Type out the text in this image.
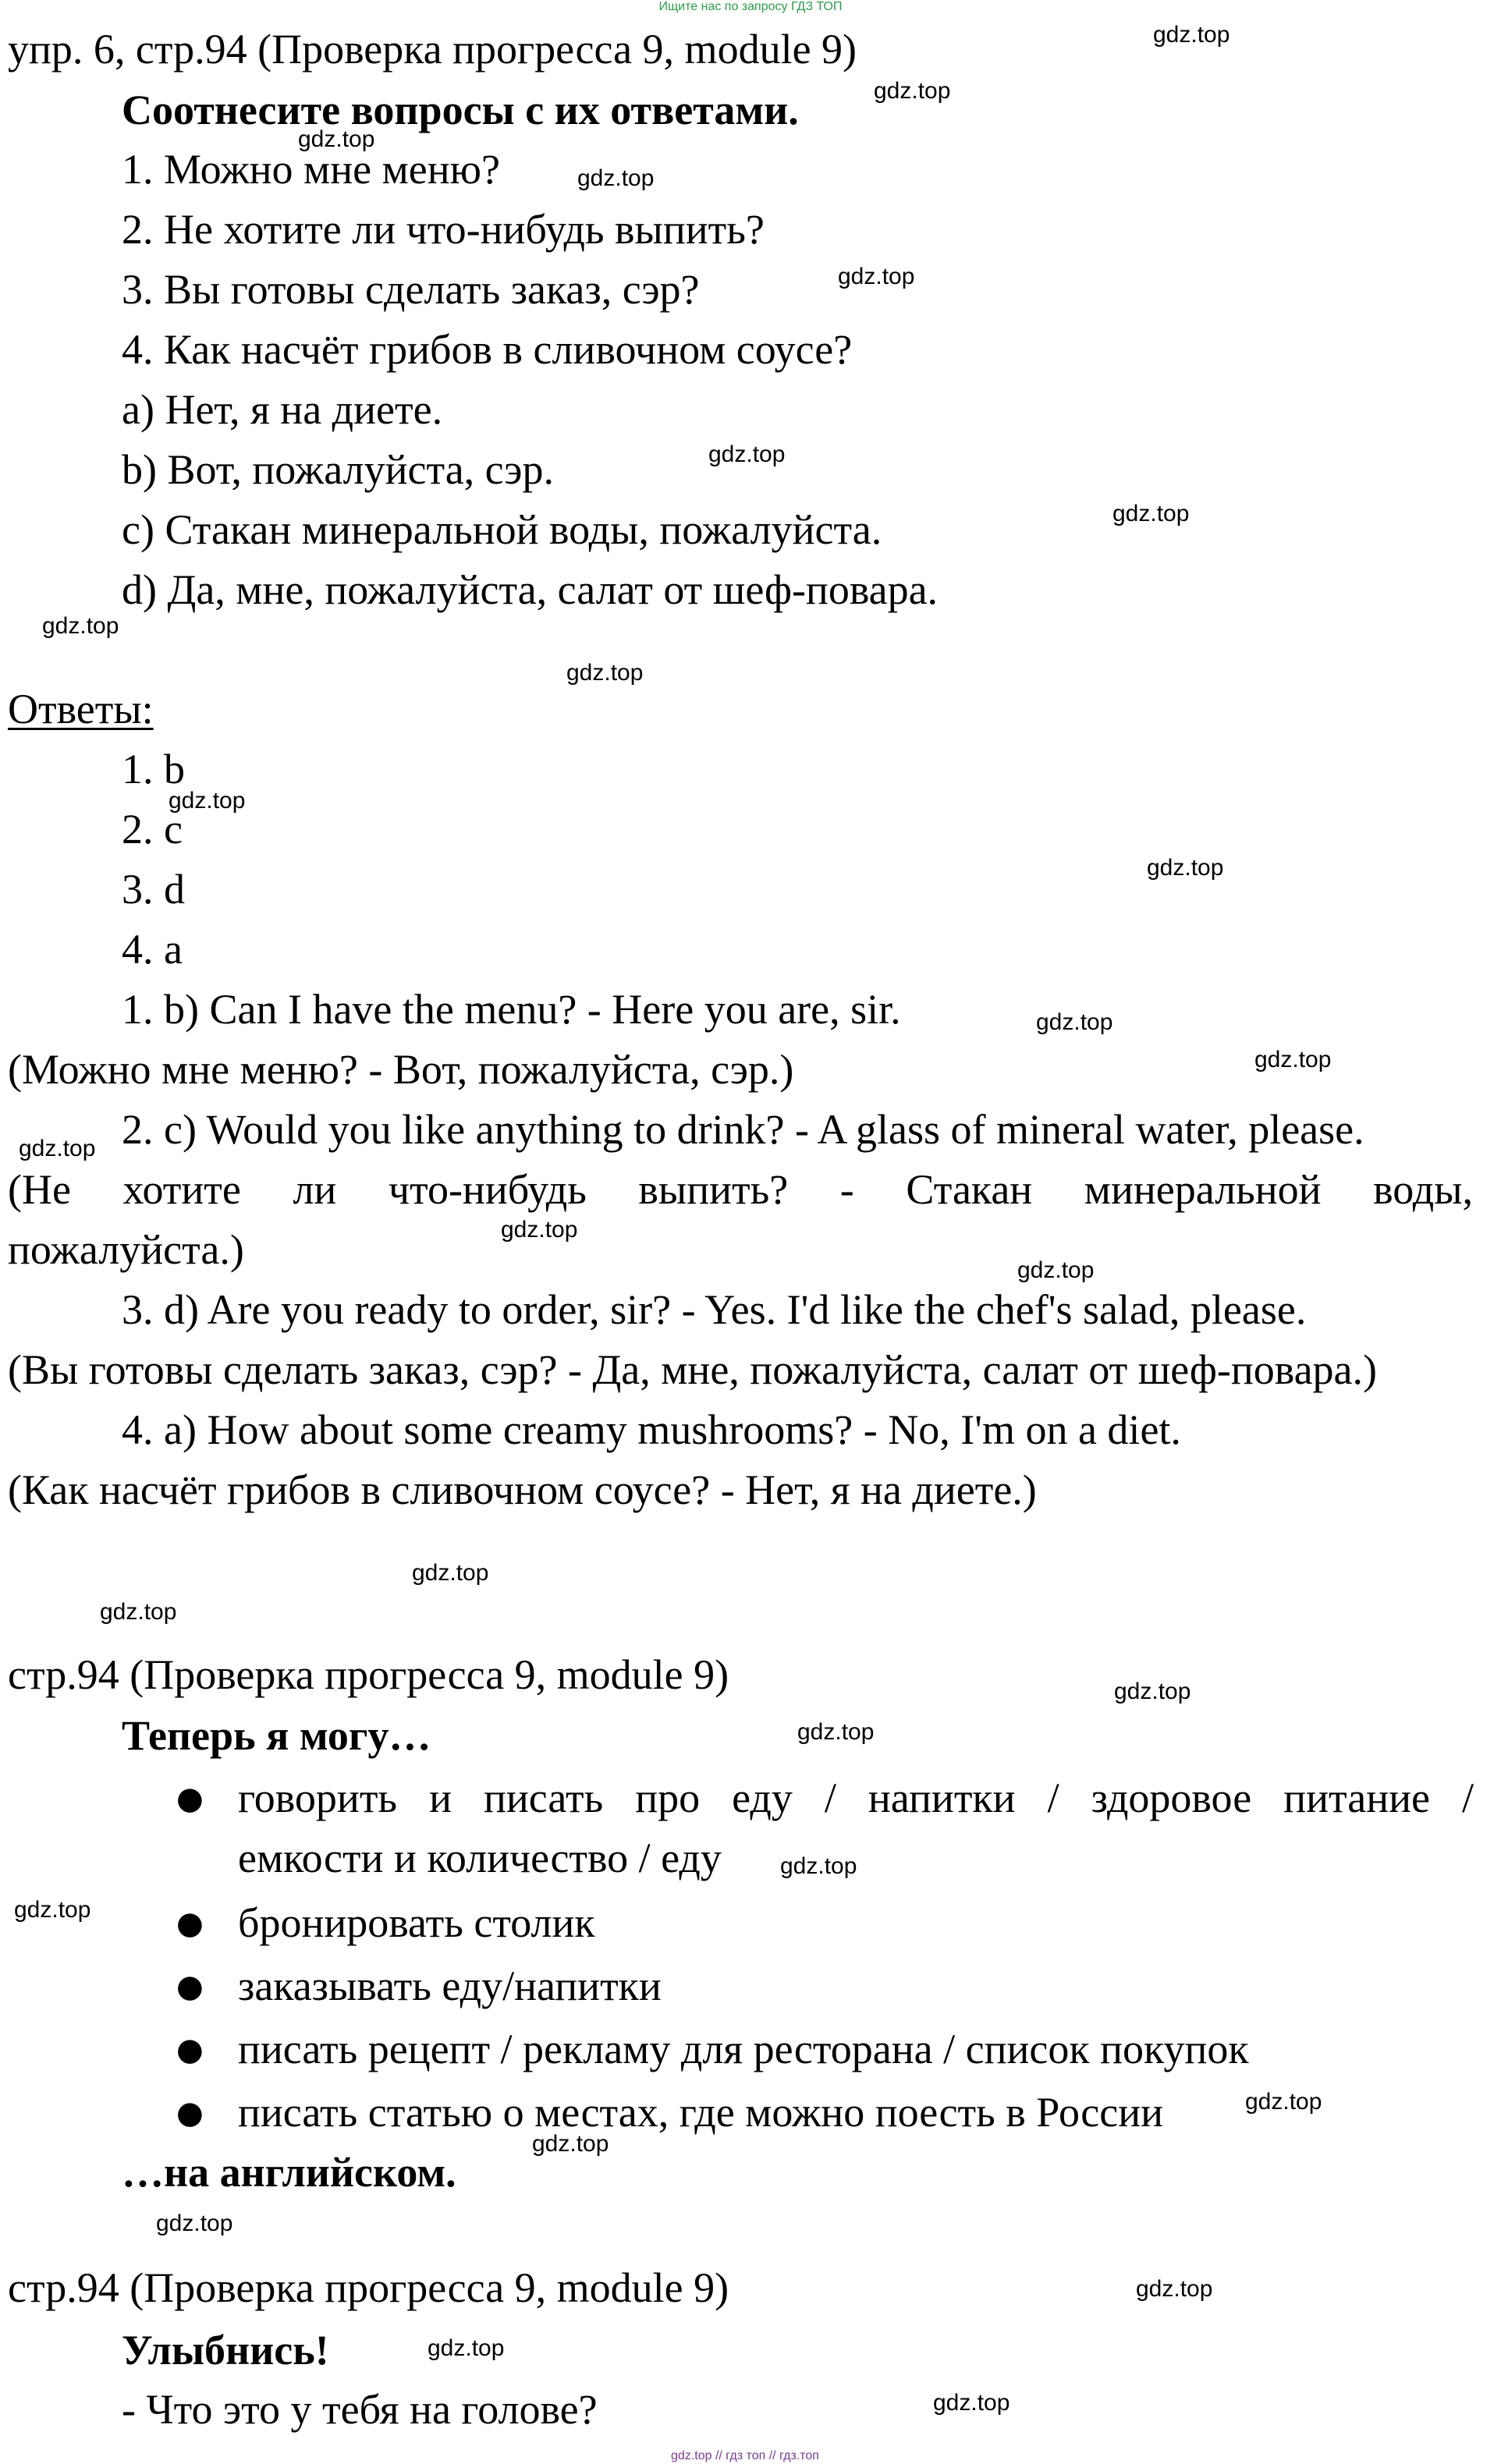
Ищите нас по запросу ГДЗ ТОП

упр. 6, стр.94 (Проверка прогресса 9, module 9)

Соотнесите вопросы с их ответами.

1. Можно мне меню?

2. Не хотите ли что-нибудь выпить?

3. Вы готовы сделать заказ, сэр?

4. Как насчёт грибов в сливочном соусе?

a) Нет, я на диете.

b) Вот, пожалуйста, сэр.

c) Стакан минеральной воды, пожалуйста.

d) Да, мне, пожалуйста, салат от шеф-повара.

Ответы:

1. b

2. c

3. d

4. a

1. b) Can I have the menu? - Here you are, sir.

(Можно мне меню? - Вот, пожалуйста, сэр.)

2. c) Would you like anything to drink? - A glass of mineral water, please.

(Не хотите ли что-нибудь выпить? - Стакан минеральной воды,

пожалуйста.)

3. d) Are you ready to order, sir? - Yes. I'd like the chef's salad, please.

(Вы готовы сделать заказ, сэр? - Да, мне, пожалуйста, салат от шеф-повара.)

4. a) How about some creamy mushrooms? - No, I'm on a diet.

(Как насчёт грибов в сливочном соусе? - Нет, я на диете.)

стр.94 (Проверка прогресса 9, module 9)

Теперь я могу…

● говорить и писать про еду / напитки / здоровое питание /

емкости и количество / еду

● бронировать столик

● заказывать еду/напитки

● писать рецепт / рекламу для ресторана / список покупок

● писать статью о местах, где можно поесть в России

…на английском.

стр.94 (Проверка прогресса 9, module 9)

Улыбнись!

- Что это у тебя на голове?

gdz.top
gdz.top
gdz.top
gdz.top
gdz.top
gdz.top
gdz.top
gdz.top
gdz.top
gdz.top
gdz.top
gdz.top
gdz.top
gdz.top
gdz.top
gdz.top
gdz.top
gdz.top
gdz.top
gdz.top
gdz.top
gdz.top
gdz.top
gdz.top
gdz.top
gdz.top
gdz.top
gdz.top
gdz.top // гдз топ // гдз.топ
